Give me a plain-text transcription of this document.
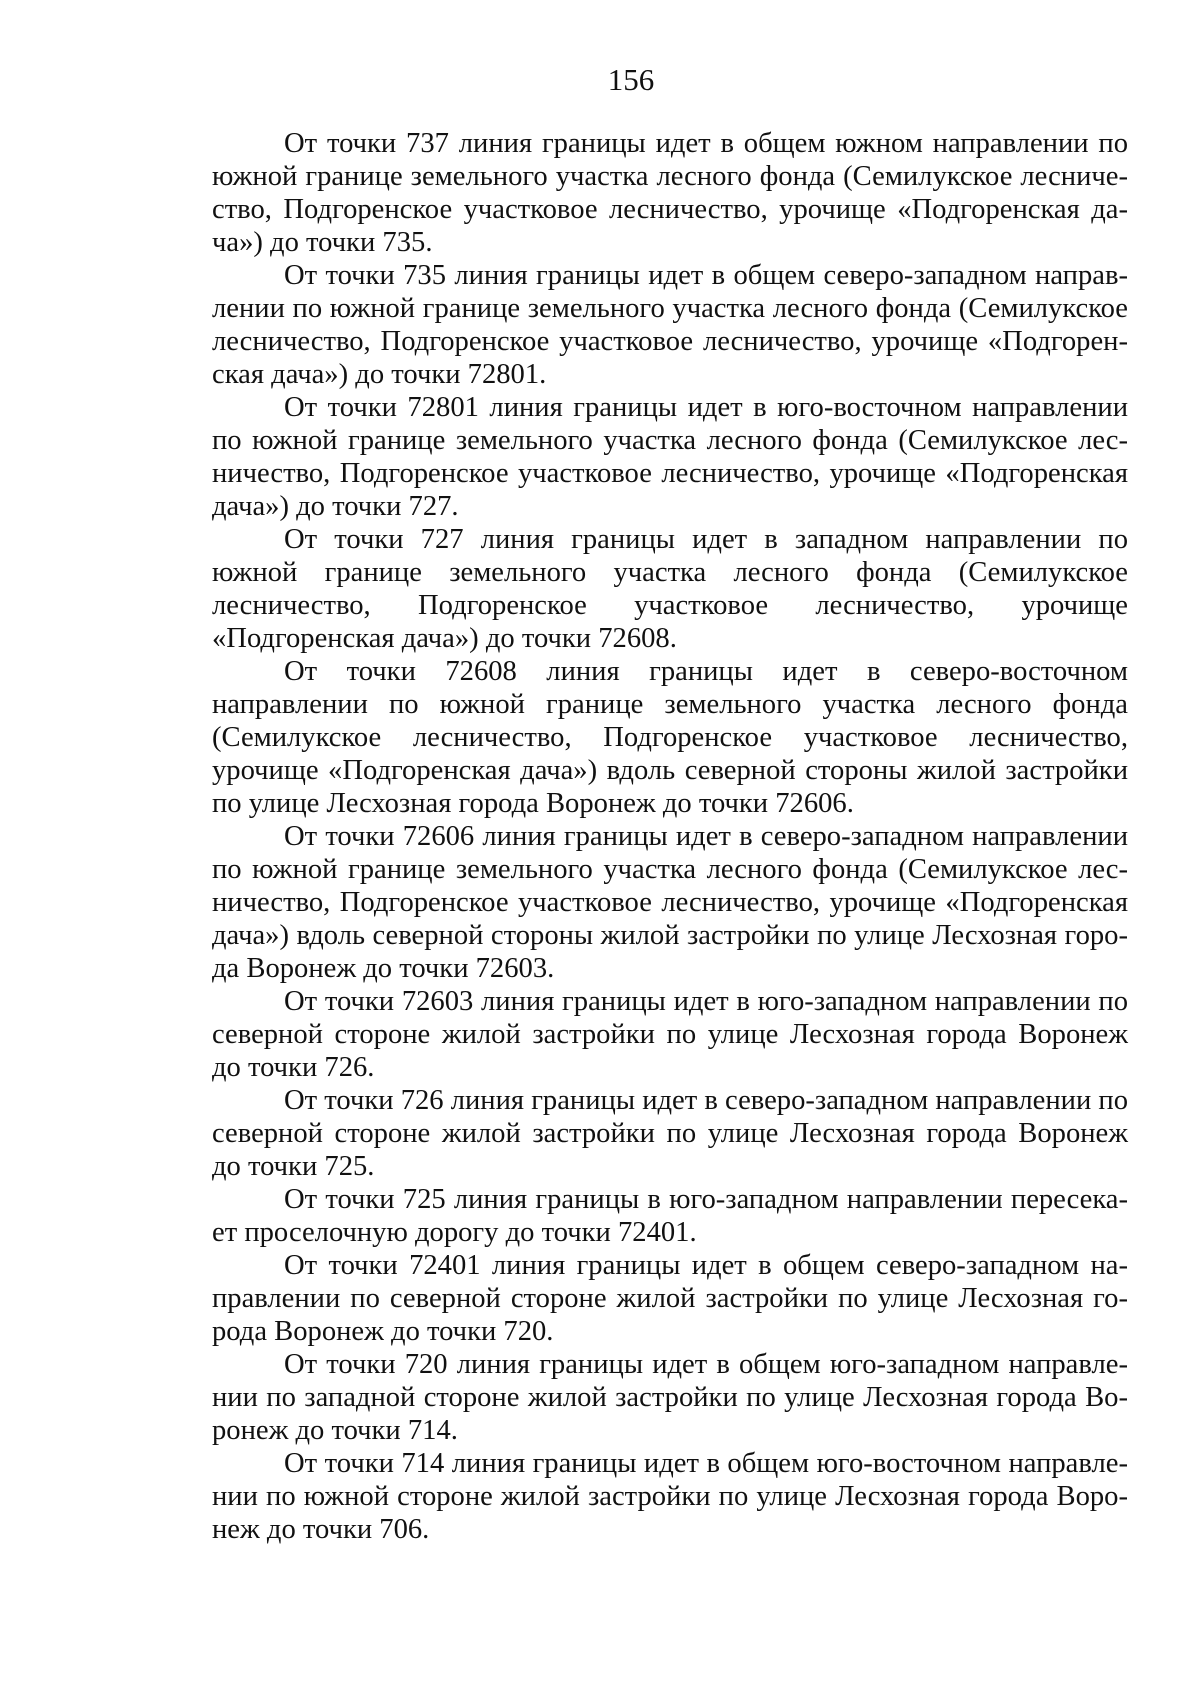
156

От точки 737 линия границы идет в общем южном направлении по южной границе земельного участка лесного фонда (Семилукское лесничество, Подгоренское участковое лесничество, урочище «Подгоренская дача») до точки 735.

От точки 735 линия границы идет в общем северо-западном направлении по южной границе земельного участка лесного фонда (Семилукское лесничество, Подгоренское участковое лесничество, урочище «Подгоренская дача») до точки 72801.

От точки 72801 линия границы идет в юго-восточном направлении по южной границе земельного участка лесного фонда (Семилукское лесничество, Подгоренское участковое лесничество, урочище «Подгоренская дача») до точки 727.

От точки 727 линия границы идет в западном направлении по южной границе земельного участка лесного фонда (Семилукское лесничество, Подгоренское участковое лесничество, урочище «Подгоренская дача») до точки 72608.

От точки 72608 линия границы идет в северо-восточном направлении по южной границе земельного участка лесного фонда (Семилукское лесничество, Подгоренское участковое лесничество, урочище «Подгоренская дача») вдоль северной стороны жилой застройки по улице Лесхозная города Воронеж до точки 72606.

От точки 72606 линия границы идет в северо-западном направлении по южной границе земельного участка лесного фонда (Семилукское лесничество, Подгоренское участковое лесничество, урочище «Подгоренская дача») вдоль северной стороны жилой застройки по улице Лесхозная города Воронеж до точки 72603.

От точки 72603 линия границы идет в юго-западном направлении по северной стороне жилой застройки по улице Лесхозная города Воронеж до точки 726.

От точки 726 линия границы идет в северо-западном направлении по северной стороне жилой застройки по улице Лесхозная города Воронеж до точки 725.

От точки 725 линия границы в юго-западном направлении пересекает проселочную дорогу до точки 72401.

От точки 72401 линия границы идет в общем северо-западном направлении по северной стороне жилой застройки по улице Лесхозная города Воронеж до точки 720.

От точки 720 линия границы идет в общем юго-западном направлении по западной стороне жилой застройки по улице Лесхозная города Воронеж до точки 714.

От точки 714 линия границы идет в общем юго-восточном направлении по южной стороне жилой застройки по улице Лесхозная города Воронеж до точки 706.
